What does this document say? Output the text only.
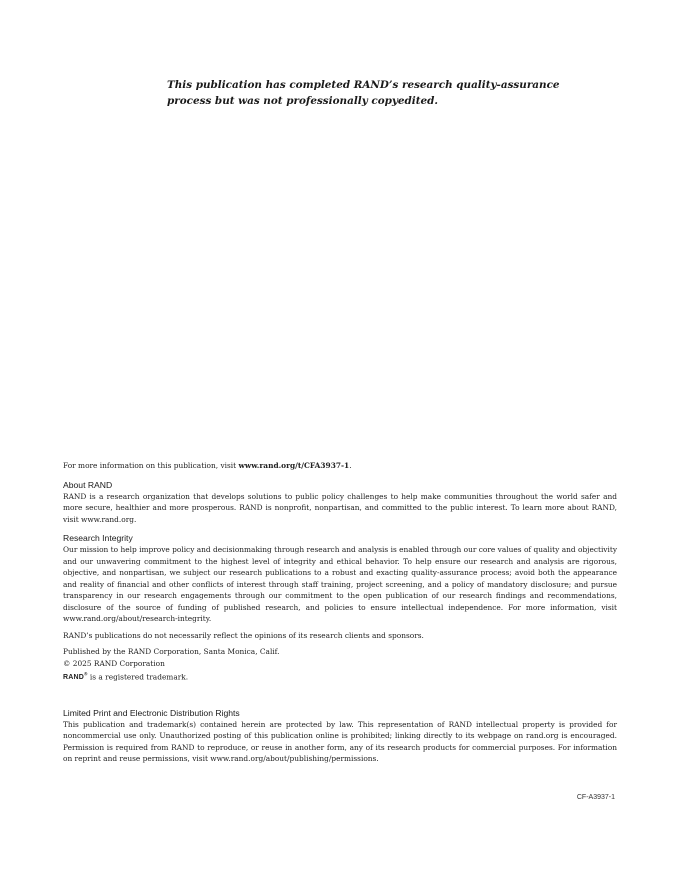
This publication has completed RAND’s research quality-assurance
process but was not professionally copyedited.

For more information on this publication, visit www.rand.org/t/CFA3937-1.

About RAND

RAND is a research organization that develops solutions to public policy challenges to help make communities throughout the world safer and more secure, healthier and more prosperous. RAND is nonprofit, nonpartisan, and committed to the public interest. To learn more about RAND, visit www.rand.org.

Research Integrity

Our mission to help improve policy and decisionmaking through research and analysis is enabled through our core values of quality and objectivity and our unwavering commitment to the highest level of integrity and ethical behavior. To help ensure our research and analysis are rigorous, objective, and nonpartisan, we subject our research publications to a robust and exacting quality-assurance process; avoid both the appearance and reality of financial and other conflicts of interest through staff training, project screening, and a policy of mandatory disclosure; and pursue transparency in our research engagements through our commitment to the open publication of our research findings and recommendations, disclosure of the source of funding of published research, and policies to ensure intellectual independence. For more information, visit www.rand.org/about/research-integrity.

RAND’s publications do not necessarily reflect the opinions of its research clients and sponsors.

Published by the RAND Corporation, Santa Monica, Calif.

© 2025 RAND Corporation

RAND® is a registered trademark.

Limited Print and Electronic Distribution Rights

This publication and trademark(s) contained herein are protected by law. This representation of RAND intellectual property is provided for noncommercial use only. Unauthorized posting of this publication online is prohibited; linking directly to its webpage on rand.org is encouraged. Permission is required from RAND to reproduce, or reuse in another form, any of its research products for commercial purposes. For information on reprint and reuse permissions, visit www.rand.org/about/publishing/permissions.

CF-A3937-1
